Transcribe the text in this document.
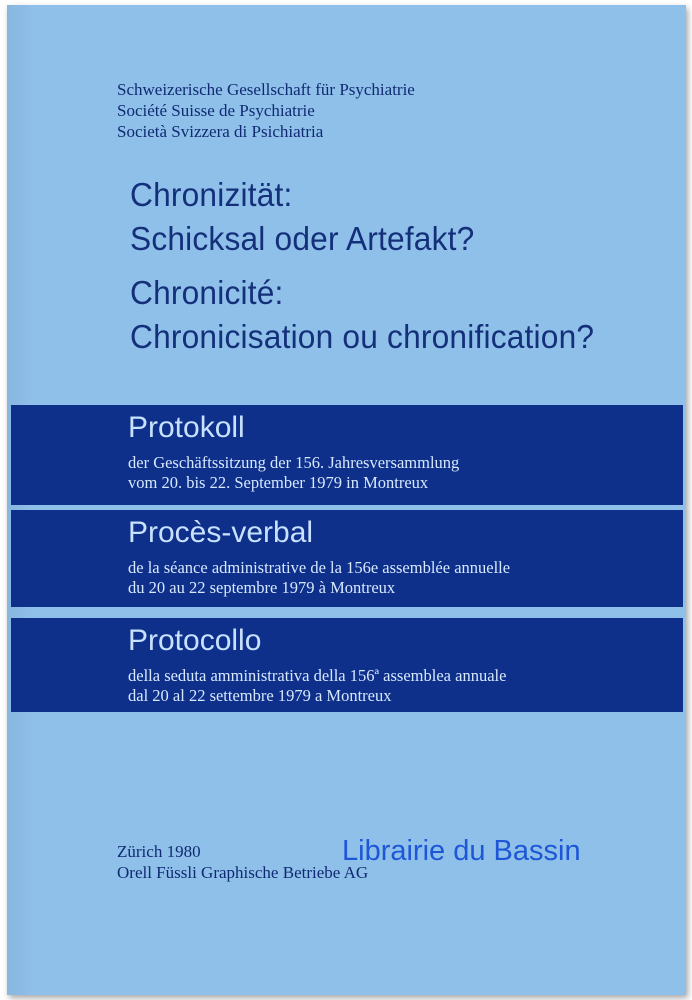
Schweizerische Gesellschaft für Psychiatrie
Société Suisse de Psychiatrie
Società Svizzera di Psichiatria
Chronizität:
Schicksal oder Artefakt?
Chronicité:
Chronicisation ou chronification?
Protokoll
der Geschäftssitzung der 156. Jahresversammlung
vom 20. bis 22. September 1979 in Montreux
Procès-verbal
de la séance administrative de la 156e assemblée annuelle
du 20 au 22 septembre 1979 à Montreux
Protocollo
della seduta amministrativa della 156ª assemblea annuale
dal 20 al 22 settembre 1979 a Montreux
Zürich 1980
Orell Füssli Graphische Betriebe AG
Librairie du Bassin
